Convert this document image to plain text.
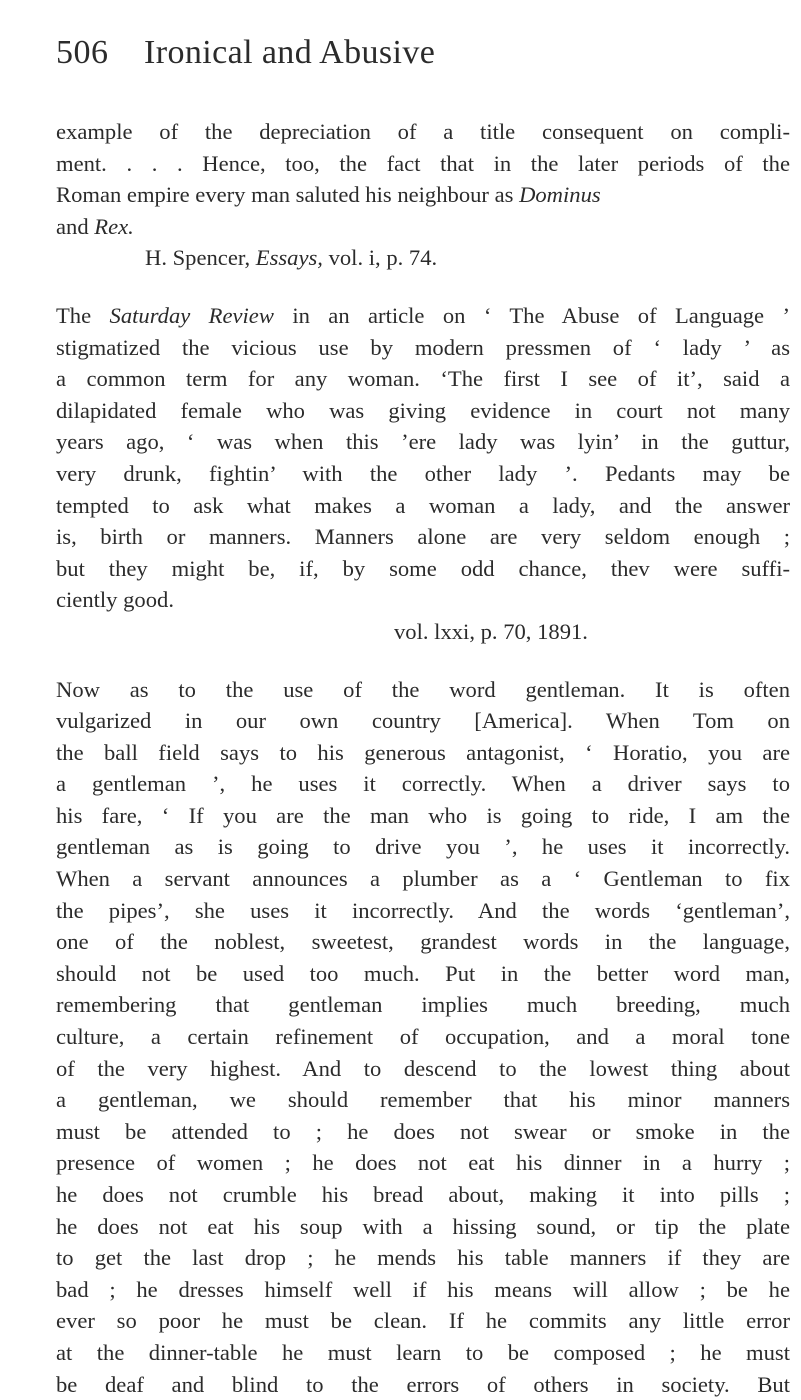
506	Ironical and Abusive
example of the depreciation of a title consequent on compli-
ment. . . . Hence, too, the fact that in the later periods of the
Roman empire every man saluted his neighbour as Dominus
and Rex.
H. Spencer, Essays, vol. i, p. 74.
The Saturday Review in an article on ‘ The Abuse of Language ’
stigmatized the vicious use by modern pressmen of ‘ lady ’ as
a common term for any woman. ‘The first I see of it’, said a
dilapidated female who was giving evidence in court not many
years ago, ‘ was when this ’ere lady was lyin’ in the guttur,
very drunk, fightin’ with the other lady ’. Pedants may be
tempted to ask what makes a woman a lady, and the answer
is, birth or manners. Manners alone are very seldom enough ;
but they might be, if, by some odd chance, thev were suffi-
ciently good.
vol. lxxi, p. 70, 1891.
Now as to the use of the word gentleman. It is often
vulgarized in our own country [America]. When Tom on
the ball field says to his generous antagonist, ‘ Horatio, you are
a gentleman ’, he uses it correctly. When a driver says to
his fare, ‘ If you are the man who is going to ride, I am the
gentleman as is going to drive you ’, he uses it incorrectly.
When a servant announces a plumber as a ‘ Gentleman to fix
the pipes’, she uses it incorrectly. And the words ‘gentleman’,
one of the noblest, sweetest, grandest words in the language,
should not be used too much. Put in the better word man,
remembering that gentleman implies much breeding, much
culture, a certain refinement of occupation, and a moral tone
of the very highest. And to descend to the lowest thing about
a gentleman, we should remember that his minor manners
must be attended to ; he does not swear or smoke in the
presence of women ; he does not eat his dinner in a hurry ;
he does not crumble his bread about, making it into pills ;
he does not eat his soup with a hissing sound, or tip the plate
to get the last drop ; he mends his table manners if they are
bad ; he dresses himself well if his means will allow ; be he
ever so poor he must be clean. If he commits any little error
at the dinner-table he must learn to be composed ; he must
be deaf and blind to the errors of others in society. But
